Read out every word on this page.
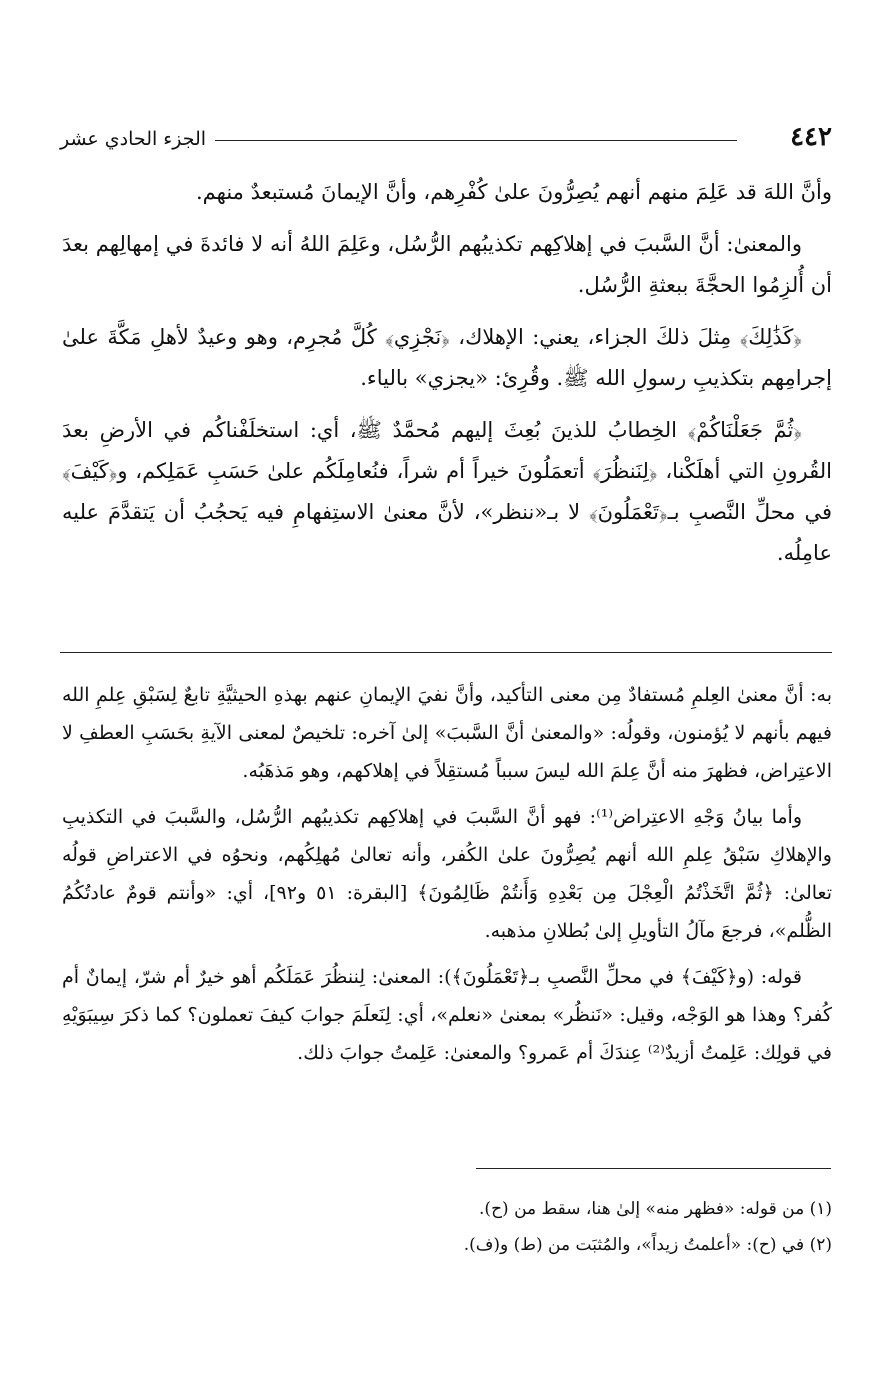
٤٤٢
الجزء الحادي عشر

وأنَّ اللهَ قد عَلِمَ منهم أنهم يُصِرُّونَ علىٰ كُفْرِهم، وأنَّ الإيمانَ مُستبعدٌ منهم.

والمعنىٰ: أنَّ السَّببَ في إهلاكِهم تكذيبُهم الرُّسُل، وعَلِمَ اللهُ أنه لا فائدةَ في إمهالِهم بعدَ أن أُلزِمُوا الحجَّةَ ببعثةِ الرُّسُل.

﴿كَذَٰلِكَ﴾ مِثلَ ذلكَ الجزاء، يعني: الإهلاك، ﴿نَجْزِي﴾ كُلَّ مُجرِم، وهو وعيدٌ لأهلِ مَكَّةَ علىٰ إجرامِهم بتكذيبِ رسولِ الله ﷺ. وقُرِئ: «يجزي» بالياء.

﴿ثُمَّ جَعَلْنَاكُمْ﴾ الخِطابُ للذينَ بُعِثَ إليهم مُحمَّدٌ ﷺ، أي: استخلَفْناكُم في الأرضِ بعدَ القُرونِ التي أهلَكْنا، ﴿لِنَنظُرَ﴾ أتعمَلُونَ خيراً أم شراً، فنُعامِلَكُم علىٰ حَسَبِ عَمَلِكم، و﴿كَيْفَ﴾ في محلِّ النَّصبِ بـ﴿تَعْمَلُونَ﴾ لا بـ«ننظر»، لأنَّ معنىٰ الاستِفهامِ فيه يَحجُبُ أن يَتقدَّمَ عليه عامِلُه.

به: أنَّ معنىٰ العِلمِ مُستفادٌ مِن معنى التأكيد، وأنَّ نفيَ الإيمانِ عنهم بهذهِ الحيثيَّةِ تابعٌ لِسَبْقِ عِلمِ الله فيهم بأنهم لا يُؤمنون، وقولُه: «والمعنىٰ أنَّ السَّببَ» إلىٰ آخره: تلخيصٌ لمعنى الآيةِ بحَسَبِ العطفِ لا الاعتِراض، فظهرَ منه أنَّ عِلمَ الله ليسَ سبباً مُستقِلاً في إهلاكهم، وهو مَذهَبُه.

وأما بيانُ وَجْهِ الاعتِراض⁽¹⁾: فهو أنَّ السَّببَ في إهلاكِهم تكذيبُهم الرُّسُل، والسَّببَ في التكذيبِ والإهلاكِ سَبْقُ عِلمِ الله أنهم يُصِرُّونَ علىٰ الكُفر، وأنه تعالىٰ مُهلِكُهم، ونحوُه في الاعتراضِ قولُه تعالىٰ: ﴿ثُمَّ اتَّخَذْتُمُ الْعِجْلَ مِن بَعْدِهِ وَأَنتُمْ ظَالِمُونَ﴾ [البقرة: ٥١ و٩٢]، أي: «وأنتم قومٌ عادتُكُمُ الظُّلم»، فرجعَ مآلُ التأويلِ إلىٰ بُطلانِ مذهبه.

قوله: (و﴿كَيْفَ﴾ في محلِّ النَّصبِ بـ﴿تَعْمَلُونَ﴾): المعنىٰ: لِننظُرَ عَمَلَكُم أهو خيرٌ أم شرّ، إيمانٌ أم كُفر؟ وهذا هو الوَجْه، وقيل: «نَنظُر» بمعنىٰ «نعلم»، أي: لِنَعلَمَ جوابَ كيفَ تعملون؟ كما ذكرَ سِيبَوَيْهِ في قولِك: عَلِمتُ أزيدٌ⁽²⁾ عِندَكَ أم عَمرو؟ والمعنىٰ: عَلِمتُ جوابَ ذلك.

(١) من قوله: «فظهر منه» إلىٰ هنا، سقط من (ح).

(٢) في (ح): «أعلمتُ زيداً»، والمُثبَت من (ط) و(ف).
